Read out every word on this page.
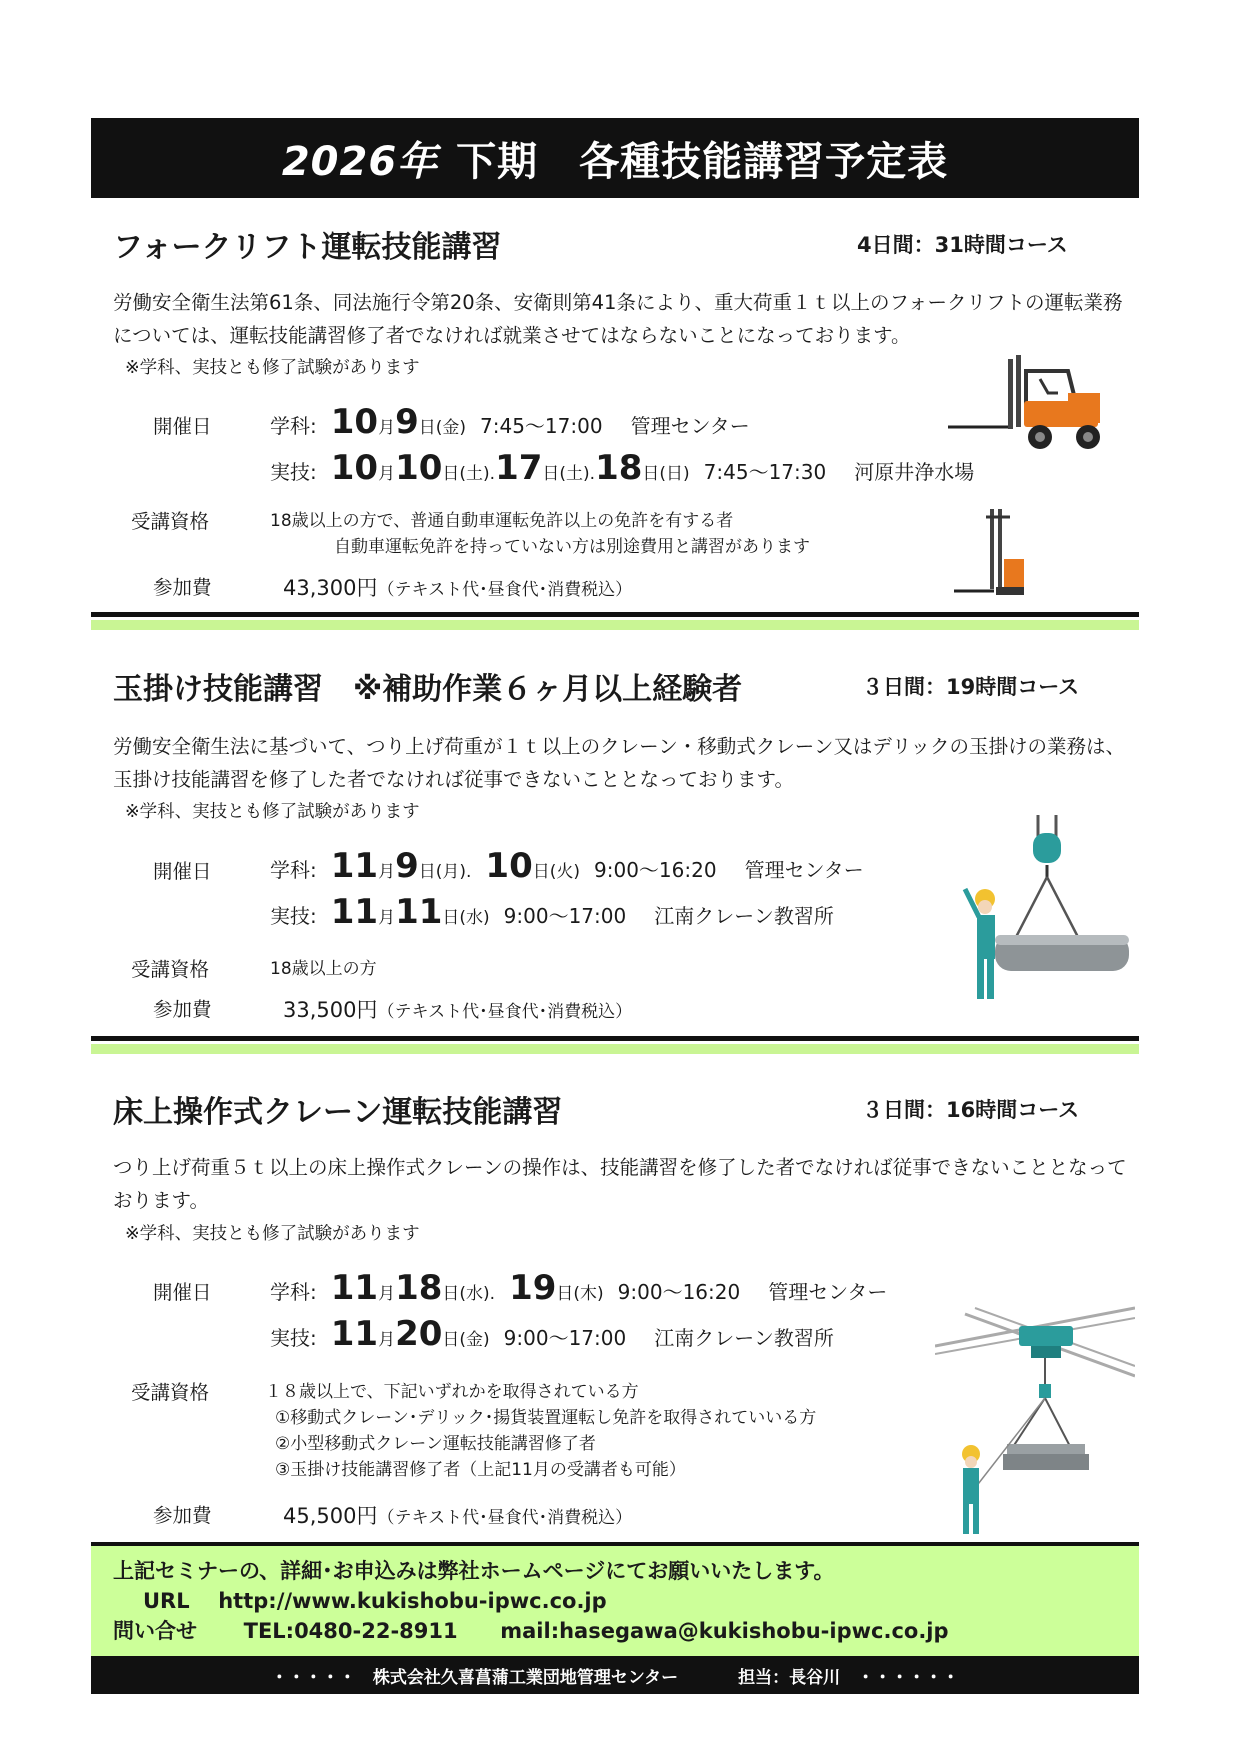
2026年 下期　各種技能講習予定表
フォークリフト運転技能講習	4日間：31時間コース
労働安全衛生法第61条、同法施行令第20条、安衛則第41条により、重大荷重１ｔ以上のフォークリフトの運転業務については、運転技能講習修了者でなければ就業させてはならないことになっております。
※学科、実技とも修了試験があります
開催日	学科: 10 月 9 日(金) 7:45～17:00 管理センター
実技: 10 月 10 日(土). 17 日(土). 18 日(日) 7:45～17:30 河原井浄水場
受講資格	18歳以上の方で、普通自動車運転免許以上の免許を有する者
自動車運転免許を持っていない方は別途費用と講習があります
参加費	43,300円（テキスト代･昼食代･消費税込）
玉掛け技能講習　※補助作業６ヶ月以上経験者	３日間：19時間コース
労働安全衛生法に基づいて、つり上げ荷重が１ｔ以上のクレーン・移動式クレーン又はデリックの玉掛けの業務は、玉掛け技能講習を修了した者でなければ従事できないこととなっております。
※学科、実技とも修了試験があります
開催日	学科: 11 月 9 日(月). 10 日(火) 9:00～16:20 管理センター
実技: 11 月 11 日(水) 9:00～17:00 江南クレーン教習所
受講資格	18歳以上の方
参加費	33,500円（テキスト代･昼食代･消費税込）
床上操作式クレーン運転技能講習	３日間：16時間コース
つり上げ荷重５ｔ以上の床上操作式クレーンの操作は、技能講習を修了した者でなければ従事できないこととなっております。
※学科、実技とも修了試験があります
開催日	学科: 11 月 18 日(水). 19 日(木) 9:00～16:20 管理センター
実技: 11 月 20 日(金) 9:00～17:00 江南クレーン教習所
受講資格	１８歳以上で、下記いずれかを取得されている方
①移動式クレーン･デリック･揚貨装置運転し免許を取得されていいる方
②小型移動式クレーン運転技能講習修了者
③玉掛け技能講習修了者（上記11月の受講者も可能）
参加費	45,500円（テキスト代･昼食代･消費税込）
上記セミナーの、詳細･お申込みは弊社ホームページにてお願いいたします。
URL http://www.kukishobu-ipwc.co.jp
問い合せ TEL:0480-22-8911 mail:hasegawa@kukishobu-ipwc.co.jp
・・・・・　株式会社久喜菖蒲工業団地管理センター	担当：長谷川　・・・・・・
